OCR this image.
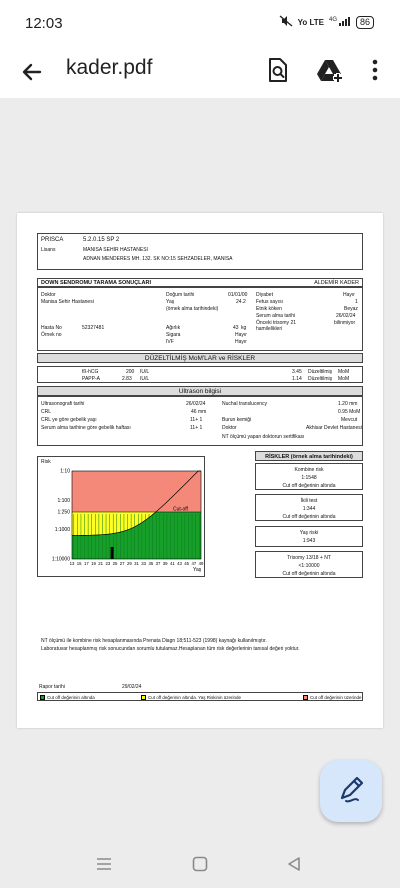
12:03	Yo LTE 4G	86
kader.pdf
PRISCA	5.2.0.15 SP 2
Lisans	MANISA SEHIR HASTANESI
ADNAN MENDERES MH. 132. SK NO:15 SEHZADELER, MANISA
DOWN SENDROMU TARAMA SONUÇLARI	ALDEMİR KADER
Doktor
Manisa Sehir Hastanesi
Hasta No	52327481
Örnek no
Doğum tarihi	01/01/00
Yaş	24.2
(örnek alma tarihindeki)
Ağırlık	43 kg
Sigara	Hayır
IVF	Hayır
Diyabet	Hayır
Fetus sayısı	1
Etnik köken	Beyaz
Serum alma tarihi	26/02/24
Önceki trisomy 21
hamilelikleri
bilinmiyor
DÜZELTİLMİŞ MoM'LAR ve RİSKLER
fß-hCG	200 IU/L	3.45 Düzeltilmiş MoM
PAPP-A	2.83 IU/L	1.14 Düzeltilmiş MoM
Ultrason bilgisi
Ultrasonografi tarihi	26/02/24
CRL	46 mm
CRL ye göre gebelik yaşı	11+ 1
Serum alma tarihine göre gebelik haftası	11+ 1
Nuchal translucency	1.20 mm
0.95 MoM
Burun kemiği	Mevcut
Doktor	Akhisar Devlet Hastanesi
NT ölçümü yapan doktorun sertifikası
Risk
1:10
1:100
1:250
1:1000
1:10000
13 15 17 19 21 23 25 27 29 31 33 35 37 39 41 43 45 47 49
Cut-off
Yaş
RİSKLER (örnek alma tarihindeki)
Kombine risk
1:1548
Cut off değerinin altında
İkili test
1:344
Cut off değerinin altında
Yaş riski
1:943
Trisomy 13/18 + NT
<1:10000
Cut off değerinin altında
NT ölçümü ile kombine risk hesaplanmasında Prenata Diagn 18;511-523 (1998) kaynağı kullanılmıştır.
Laboratuvar hesaplanmış risk sonucundan sorumlu tutulamaz.Hesaplanan tüm risk değerlerinin tanısal değeri yoktur.
Rapor tarihi	29/02/24
Cut off değerinin altında	Cut off değerinin altında. Yaş Riskinin üzerinde	Cut off değerinin üzerinde
